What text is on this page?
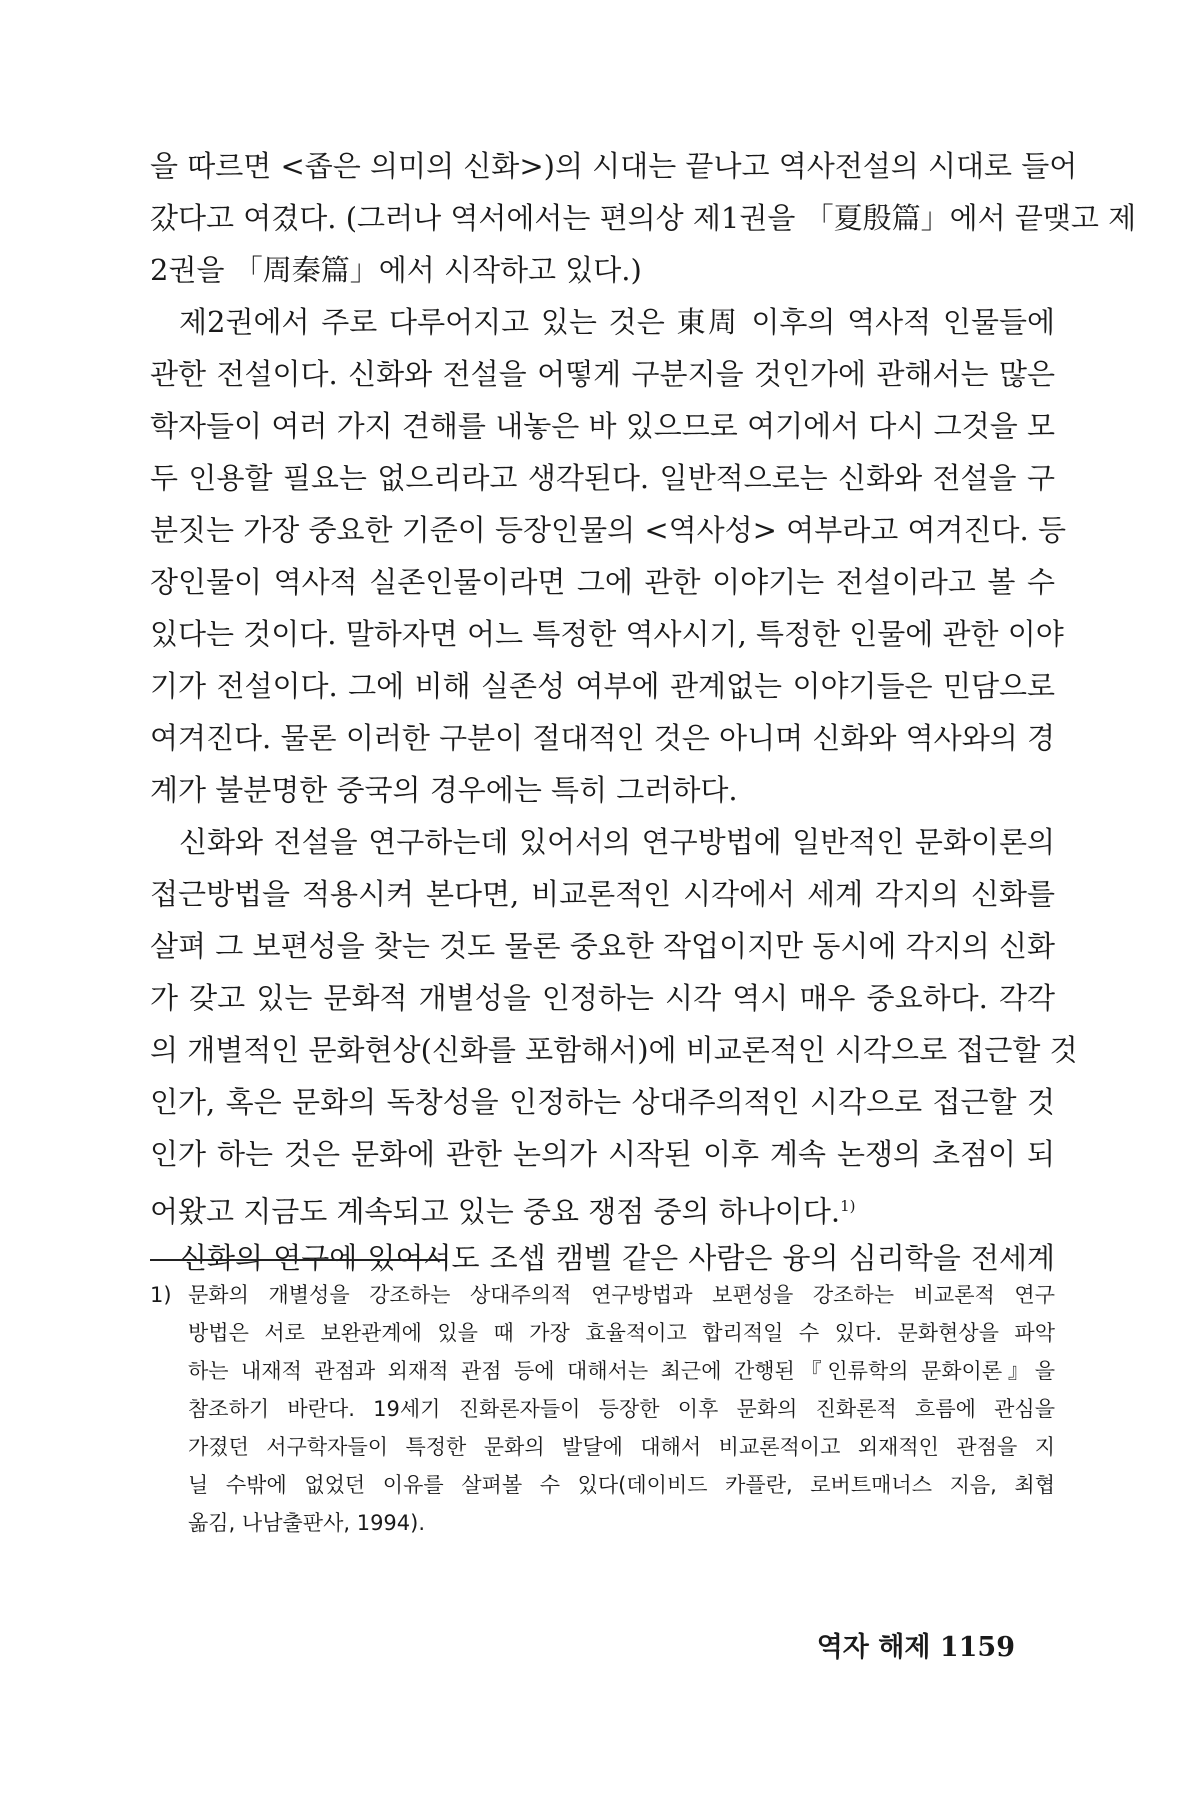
을 따르면 <좁은 의미의 신화>)의 시대는 끝나고 역사전설의 시대로 들어
갔다고 여겼다. (그러나 역서에서는 편의상 제1권을 「夏殷篇」에서 끝맺고 제
2권을 「周秦篇」에서 시작하고 있다.)
제2권에서 주로 다루어지고 있는 것은 東周 이후의 역사적 인물들에
관한 전설이다. 신화와 전설을 어떻게 구분지을 것인가에 관해서는 많은
학자들이 여러 가지 견해를 내놓은 바 있으므로 여기에서 다시 그것을 모
두 인용할 필요는 없으리라고 생각된다. 일반적으로는 신화와 전설을 구
분짓는 가장 중요한 기준이 등장인물의 <역사성> 여부라고 여겨진다. 등
장인물이 역사적 실존인물이라면 그에 관한 이야기는 전설이라고 볼 수
있다는 것이다. 말하자면 어느 특정한 역사시기, 특정한 인물에 관한 이야
기가 전설이다. 그에 비해 실존성 여부에 관계없는 이야기들은 민담으로
여겨진다. 물론 이러한 구분이 절대적인 것은 아니며 신화와 역사와의 경
계가 불분명한 중국의 경우에는 특히 그러하다.
신화와 전설을 연구하는데 있어서의 연구방법에 일반적인 문화이론의
접근방법을 적용시켜 본다면, 비교론적인 시각에서 세계 각지의 신화를
살펴 그 보편성을 찾는 것도 물론 중요한 작업이지만 동시에 각지의 신화
가 갖고 있는 문화적 개별성을 인정하는 시각 역시 매우 중요하다. 각각
의 개별적인 문화현상(신화를 포함해서)에 비교론적인 시각으로 접근할 것
인가, 혹은 문화의 독창성을 인정하는 상대주의적인 시각으로 접근할 것
인가 하는 것은 문화에 관한 논의가 시작된 이후 계속 논쟁의 초점이 되
어왔고 지금도 계속되고 있는 중요 쟁점 중의 하나이다.$^{1)}$
신화의 연구에 있어서도 조셉 캠벨 같은 사람은 융의 심리학을 전세계
1) 문화의 개별성을 강조하는 상대주의적 연구방법과 보편성을 강조하는 비교론적 연구
방법은 서로 보완관계에 있을 때 가장 효율적이고 합리적일 수 있다. 문화현상을 파악
하는 내재적 관점과 외재적 관점 등에 대해서는 최근에 간행된『인류학의 문화이론』을
참조하기 바란다. 19세기 진화론자들이 등장한 이후 문화의 진화론적 흐름에 관심을
가졌던 서구학자들이 특정한 문화의 발달에 대해서 비교론적이고 외재적인 관점을 지
닐 수밖에 없었던 이유를 살펴볼 수 있다(데이비드 카플란, 로버트매너스 지음, 최협
옮김, 나남출판사, 1994).
역자 해제 1159
